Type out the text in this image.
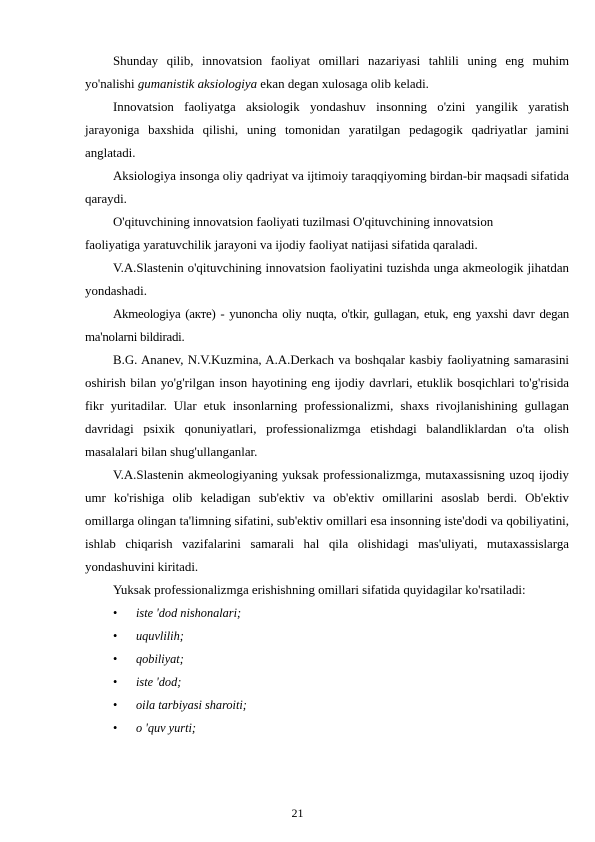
Shunday qilib, innovatsion faoliyat omillari nazariyasi tahlili uning eng muhim yo'nalishi gumanistik aksiologiya ekan degan xulosaga olib keladi.

Innovatsion faoliyatga aksiologik yondashuv insonning o'zini yangilik yaratish jarayoniga baxshida qilishi, uning tomonidan yaratilgan pedagogik qadriyatlar jamini anglatadi.

Aksiologiya insonga oliy qadriyat va ijtimoiy taraqqiyoming birdan-bir maqsadi sifatida qaraydi.

O'qituvchining innovatsion faoliyati tuzilmasi O'qituvchining innovatsion

faoliyatiga yaratuvchilik jarayoni va ijodiy faoliyat natijasi sifatida qaraladi.

V.A.Slastenin o'qituvchining innovatsion faoliyatini tuzishda unga akmeologik jihatdan yondashadi.

Akmeologiya (акте) - yunoncha oliy nuqta, o'tkir, gullagan, etuk, eng yaxshi davr degan ma'nolarni bildiradi.

B.G. Ananev, N.V.Kuzmina, A.A.Derkach va boshqalar kasbiy faoliyatning samarasini oshirish bilan yo'g'rilgan inson hayotining eng ijodiy davrlari, etuklik bosqichlari to'g'risida fikr yuritadilar. Ular etuk insonlarning professionalizmi, shaxs rivojlanishining gullagan davridagi psixik qonuniyatlari, professionalizmga etishdagi balandliklardan o'ta olish masalalari bilan shug'ullanganlar.

V.A.Slastenin akmeologiyaning yuksak professionalizmga, mutaxassisning uzoq ijodiy umr ko'rishiga olib keladigan sub'ektiv va ob'ektiv omillarini asoslab berdi. Ob'ektiv omillarga olingan ta'limning sifatini, sub'ektiv omillari esa insonning iste'dodi va qobiliyatini, ishlab chiqarish vazifalarini samarali hal qila olishidagi mas'uliyati, mutaxassislarga yondashuvini kiritadi.

Yuksak professionalizmga erishishning omillari sifatida quyidagilar ko'rsatiladi:

• iste 'dod nishonalari;
• uquvlilih;
• qobiliyat;
• iste 'dod;
• oila tarbiyasi sharoiti;
• o 'quv yurti;
21
